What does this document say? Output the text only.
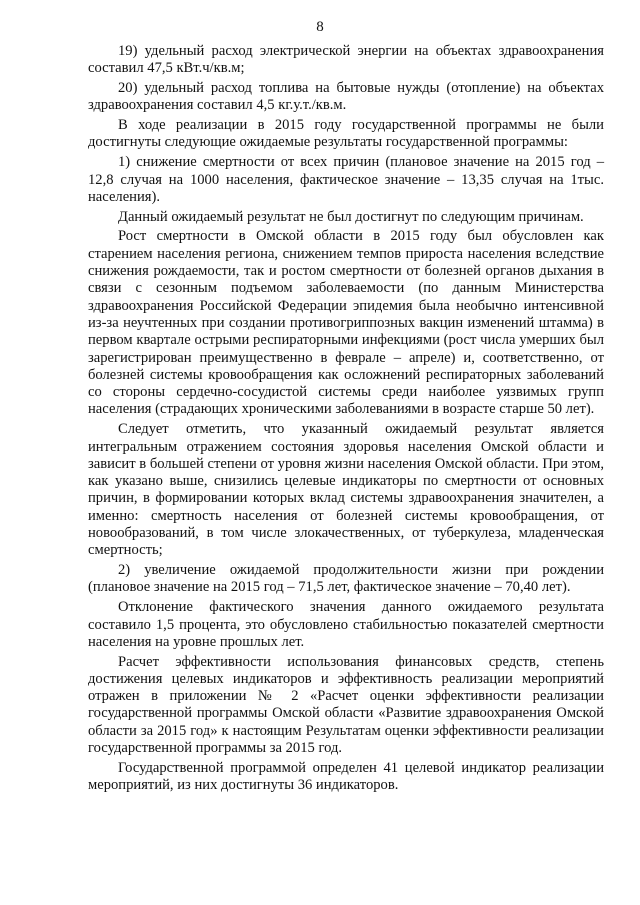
8

19) удельный расход электрической энергии на объектах здравоохранения составил 47,5 кВт.ч/кв.м;

20) удельный расход топлива на бытовые нужды (отопление) на объектах здравоохранения составил 4,5 кг.у.т./кв.м.

В ходе реализации в 2015 году государственной программы не были достигнуты следующие ожидаемые результаты государственной программы:

1) снижение смертности от всех причин (плановое значение на 2015 год – 12,8 случая на 1000 населения, фактическое значение – 13,35 случая на 1тыс. населения).

Данный ожидаемый результат не был достигнут по следующим причинам.

Рост смертности в Омской области в 2015 году был обусловлен как старением населения региона, снижением темпов прироста населения вследствие снижения рождаемости, так и ростом смертности от болезней органов дыхания в связи с сезонным подъемом заболеваемости (по данным Министерства здравоохранения Российской Федерации эпидемия была необычно интенсивной из-за неучтенных при создании противогриппозных вакцин изменений штамма) в первом квартале острыми респираторными инфекциями (рост числа умерших был зарегистрирован преимущественно в феврале – апреле) и, соответственно, от болезней системы кровообращения как осложнений респираторных заболеваний со стороны сердечно-сосудистой системы среди наиболее уязвимых групп населения (страдающих хроническими заболеваниями в возрасте старше 50 лет).

Следует отметить, что указанный ожидаемый результат является интегральным отражением состояния здоровья населения Омской области и зависит в большей степени от уровня жизни населения Омской области. При этом, как указано выше, снизились целевые индикаторы по смертности от основных причин, в формировании которых вклад системы здравоохранения значителен, а именно: смертность населения от болезней системы кровообращения, от новообразований, в том числе злокачественных, от туберкулеза, младенческая смертность;

2) увеличение ожидаемой продолжительности жизни при рождении (плановое значение на 2015 год – 71,5 лет, фактическое значение – 70,40 лет).

Отклонение фактического значения данного ожидаемого результата составило 1,5 процента, это обусловлено стабильностью показателей смертности населения на уровне прошлых лет.

Расчет эффективности использования финансовых средств, степень достижения целевых индикаторов и эффективность реализации мероприятий отражен в приложении № 2 «Расчет оценки эффективности реализации государственной программы Омской области «Развитие здравоохранения Омской области за 2015 год» к настоящим Результатам оценки эффективности реализации государственной программы за 2015 год.

Государственной программой определен 41 целевой индикатор реализации мероприятий, из них достигнуты 36 индикаторов.
